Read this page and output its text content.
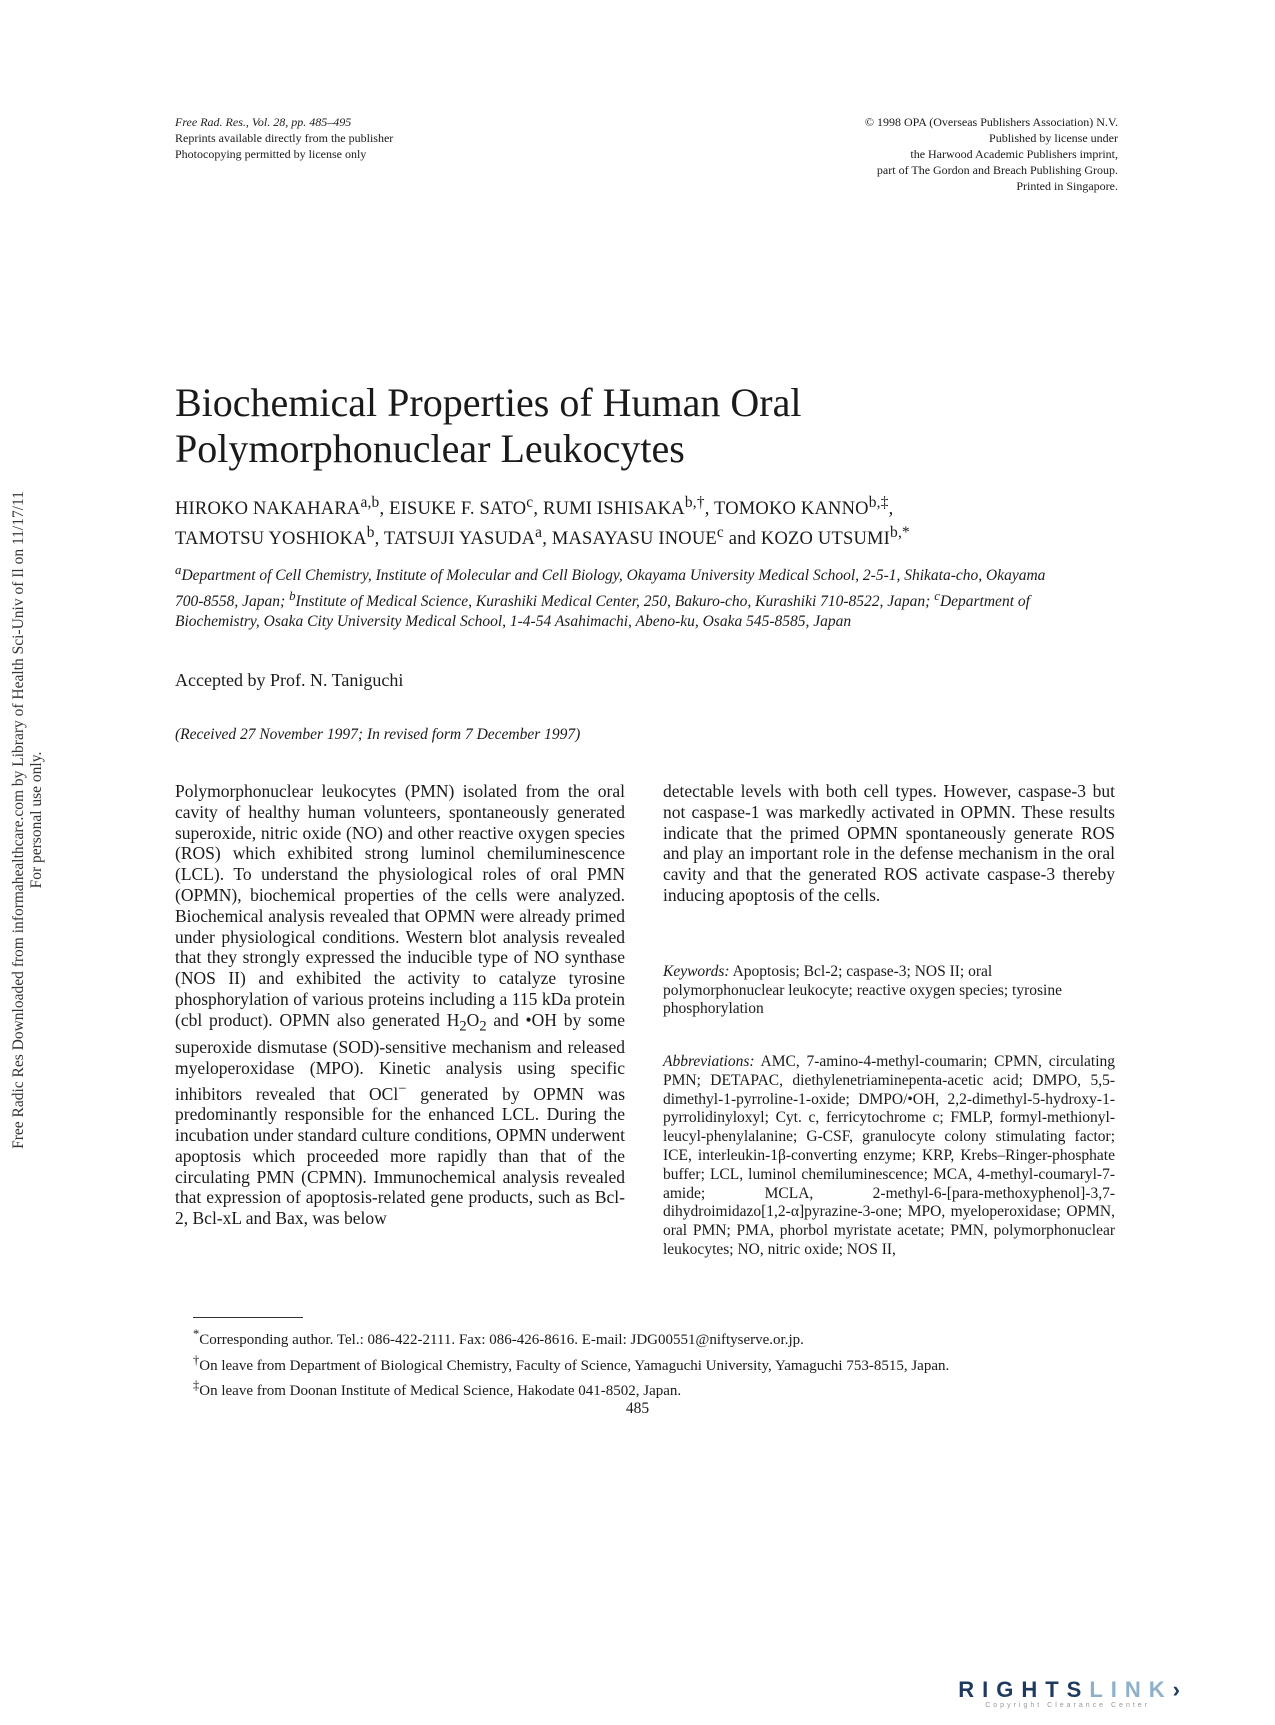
Free Rad. Res., Vol. 28, pp. 485–495
Reprints available directly from the publisher
Photocopying permitted by license only
© 1998 OPA (Overseas Publishers Association) N.V.
Published by license under
the Harwood Academic Publishers imprint,
part of The Gordon and Breach Publishing Group.
Printed in Singapore.
Free Radic Res Downloaded from informahealthcare.com by Library of Health Sci-Univ of Il on 11/17/11 For personal use only.
Biochemical Properties of Human Oral
Polymorphonuclear Leukocytes
HIROKO NAKAHARA$^{a,b}$, EISUKE F. SATO$^c$, RUMI $ISHISAKA^{b,\dagger}$, TOMOKO $KANNO^{b,\ddagger}$,
TAMOTSU YOSHIOKA$^b$, TATSUJI YASUDA$^a$, MASAYASU INOUE$^c$ and KOZO $UTSUMI^{b,*}$
$^a$Department of Cell Chemistry, Institute of Molecular and Cell Biology, Okayama University Medical School, 2-5-1, Shikata-cho, Okayama 700-8558, Japan; $^b$Institute of Medical Science, Kurashiki Medical Center, 250, Bakuro-cho, Kurashiki 710-8522, Japan; $^c$Department of Biochemistry, Osaka City University Medical School, 1-4-54 Asahimachi, Abeno-ku, Osaka 545-8585, Japan
Accepted by Prof. N. Taniguchi
(Received 27 November 1997; In revised form 7 December 1997)
Polymorphonuclear leukocytes (PMN) isolated from the oral cavity of healthy human volunteers, spontaneously generated superoxide, nitric oxide (NO) and other reactive oxygen species (ROS) which exhibited strong luminol chemiluminescence (LCL). To understand the physiological roles of oral PMN (OPMN), biochemical properties of the cells were analyzed. Biochemical analysis revealed that OPMN were already primed under physiological conditions. Western blot analysis revealed that they strongly expressed the inducible type of NO synthase (NOS II) and exhibited the activity to catalyze tyrosine phosphorylation of various proteins including a 115 kDa protein (cbl product). OPMN also generated $H_2O_2$ and •OH by some superoxide dismutase (SOD)-sensitive mechanism and released myeloperoxidase (MPO). Kinetic analysis using specific inhibitors revealed that OCl− generated by OPMN was predominantly responsible for the enhanced LCL. During the incubation under standard culture conditions, OPMN underwent apoptosis which proceeded more rapidly than that of the circulating PMN (CPMN). Immunochemical analysis revealed that expression of apoptosis-related gene products, such as Bcl-2, Bcl-xL and Bax, was below
detectable levels with both cell types. However, caspase-3 but not caspase-1 was markedly activated in OPMN. These results indicate that the primed OPMN spontaneously generate ROS and play an important role in the defense mechanism in the oral cavity and that the generated ROS activate caspase-3 thereby inducing apoptosis of the cells.
Keywords: Apoptosis; Bcl-2; caspase-3; NOS II; oral polymorphonuclear leukocyte; reactive oxygen species; tyrosine phosphorylation
Abbreviations: AMC, 7-amino-4-methyl-coumarin; CPMN, circulating PMN; DETAPAC, diethylenetriaminepenta-acetic acid; DMPO, 5,5-dimethyl-1-pyrroline-1-oxide; DMPO/•OH, 2,2-dimethyl-5-hydroxy-1-pyrrolidinyloxyl; Cyt. c, ferricytochrome c; FMLP, formyl-methionyl-leucyl-phenylalanine; G-CSF, granulocyte colony stimulating factor; ICE, interleukin-1β-converting enzyme; KRP, Krebs–Ringer-phosphate buffer; LCL, luminol chemiluminescence; MCA, 4-methyl-coumaryl-7-amide; MCLA, 2-methyl-6-[para-methoxyphenol]-3,7-dihydroimidazo[1,2-α]pyrazine-3-one; MPO, myeloperoxidase; OPMN, oral PMN; PMA, phorbol myristate acetate; PMN, polymorphonuclear leukocytes; NO, nitric oxide; NOS II,
*Corresponding author. Tel.: 086-422-2111. Fax: 086-426-8616. E-mail: JDG00551@niftyserve.or.jp.
†On leave from Department of Biological Chemistry, Faculty of Science, Yamaguchi University, Yamaguchi 753-8515, Japan.
‡On leave from Doonan Institute of Medical Science, Hakodate 041-8502, Japan.
485
RIGHTSLINK›
Copyright Clearance Center
